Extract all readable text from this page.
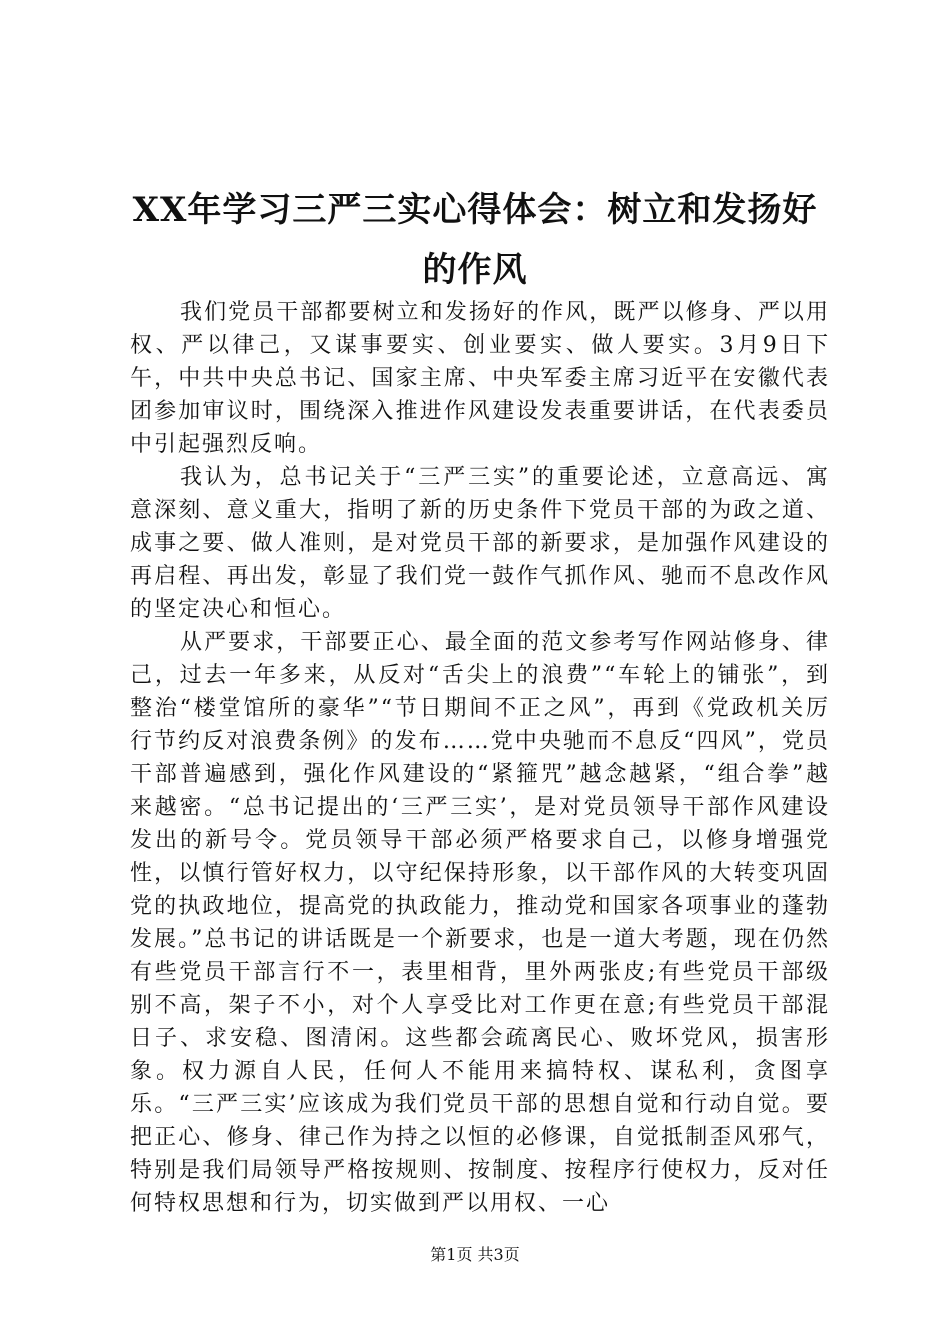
XX年学习三严三实心得体会：树立和发扬好
的作风

我们党员干部都要树立和发扬好的作风，既严以修身、严以用权、严以律己，又谋事要实、创业要实、做人要实。3月9日下午，中共中央总书记、国家主席、中央军委主席习近平在安徽代表团参加审议时，围绕深入推进作风建设发表重要讲话，在代表委员中引起强烈反响。

我认为，总书记关于“三严三实”的重要论述，立意高远、寓意深刻、意义重大，指明了新的历史条件下党员干部的为政之道、成事之要、做人准则，是对党员干部的新要求，是加强作风建设的再启程、再出发，彰显了我们党一鼓作气抓作风、驰而不息改作风的坚定决心和恒心。

从严要求，干部要正心、最全面的范文参考写作网站修身、律己，过去一年多来，从反对“舌尖上的浪费”“车轮上的铺张”，到整治“楼堂馆所的豪华”“节日期间不正之风”，再到《党政机关厉行节约反对浪费条例》的发布……党中央驰而不息反“四风”，党员干部普遍感到，强化作风建设的“紧箍咒”越念越紧，“组合拳”越来越密。“总书记提出的‘三严三实’，是对党员领导干部作风建设发出的新号令。党员领导干部必须严格要求自己，以修身增强党性，以慎行管好权力，以守纪保持形象，以干部作风的大转变巩固党的执政地位，提高党的执政能力，推动党和国家各项事业的蓬勃发展。”总书记的讲话既是一个新要求，也是一道大考题，现在仍然有些党员干部言行不一，表里相背，里外两张皮;有些党员干部级别不高，架子不小，对个人享受比对工作更在意;有些党员干部混日子、求安稳、图清闲。这些都会疏离民心、败坏党风，损害形象。权力源自人民，任何人不能用来搞特权、谋私利，贪图享乐。“三严三实’应该成为我们党员干部的思想自觉和行动自觉。要把正心、修身、律己作为持之以恒的必修课，自觉抵制歪风邪气，特别是我们局领导严格按规则、按制度、按程序行使权力，反对任何特权思想和行为，切实做到严以用权、一心

第1页 共3页
